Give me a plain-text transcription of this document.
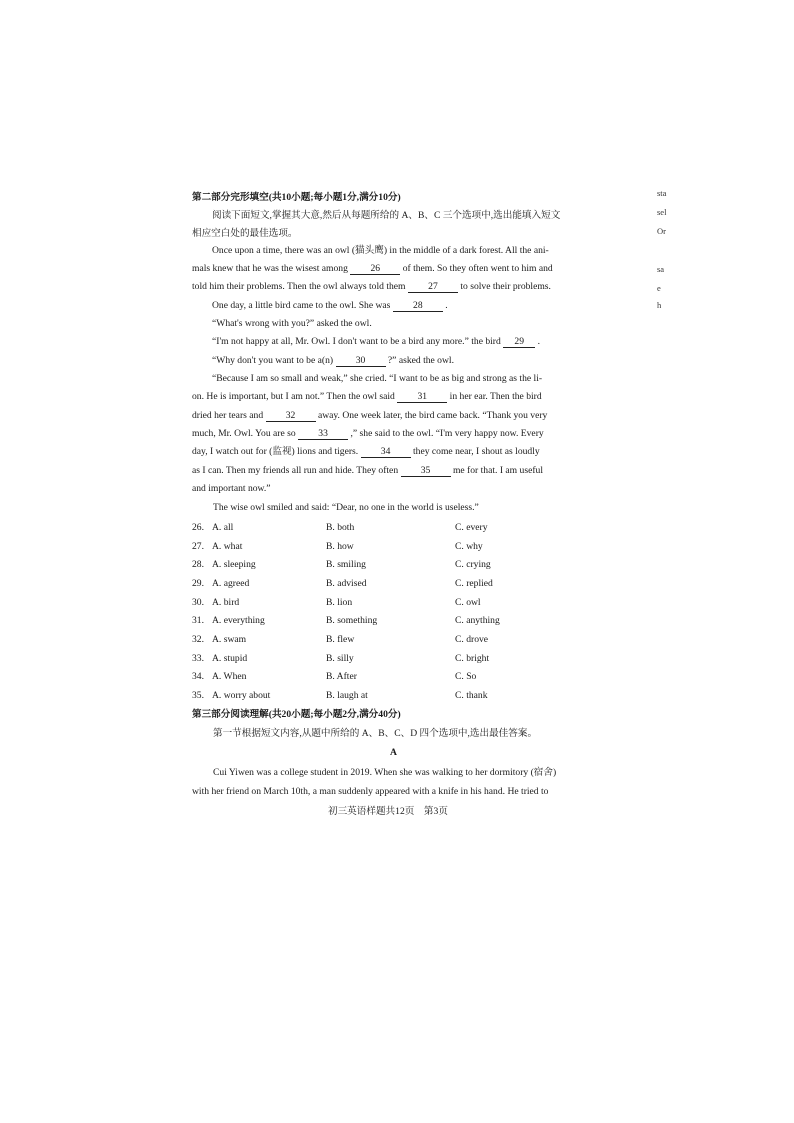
sta
sel
Or
sa
e
h
第二部分完形填空(共10小题;每小题1分,满分10分)
阅读下面短文,掌握其大意,然后从每题所给的 A、B、C 三个选项中,选出能填入短文
相应空白处的最佳选项。
Once upon a time, there was an owl (猫头鹰) in the middle of a dark forest. All the ani-
mals knew that he was the wisest among 26 of them. So they often went to him and
told him their problems. Then the owl always told them 27 to solve their problems.
One day, a little bird came to the owl. She was 28 .
“What's wrong with you?” asked the owl.
“I'm not happy at all, Mr. Owl. I don't want to be a bird any more.” the bird 29 .
“Why don't you want to be a(n) 30 ?” asked the owl.
“Because I am so small and weak,” she cried. “I want to be as big and strong as the li-
on. He is important, but I am not.” Then the owl said 31 in her ear. Then the bird
dried her tears and 32 away. One week later, the bird came back. “Thank you very
much, Mr. Owl. You are so 33 ,” she said to the owl. “I'm very happy now. Every
day, I watch out for (监视) lions and tigers. 34 they come near, I shout as loudly
as I can. Then my friends all run and hide. They often 35 me for that. I am useful
and important now.”
The wise owl smiled and said: “Dear, no one in the world is useless.”
26. A. all	B. both	C. every
27. A. what	B. how	C. why
28. A. sleeping	B. smiling	C. crying
29. A. agreed	B. advised	C. replied
30. A. bird	B. lion	C. owl
31. A. everything	B. something	C. anything
32. A. swam	B. flew	C. drove
33. A. stupid	B. silly	C. bright
34. A. When	B. After	C. So
35. A. worry about	B. laugh at	C. thank
第三部分阅读理解(共20小题;每小题2分,满分40分)
第一节根据短文内容,从题中所给的 A、B、C、D 四个选项中,选出最佳答案。
A
Cui Yiwen was a college student in 2019. When she was walking to her dormitory (宿舍)
with her friend on March 10th, a man suddenly appeared with a knife in his hand. He tried to
初三英语样题共12页　第3页
